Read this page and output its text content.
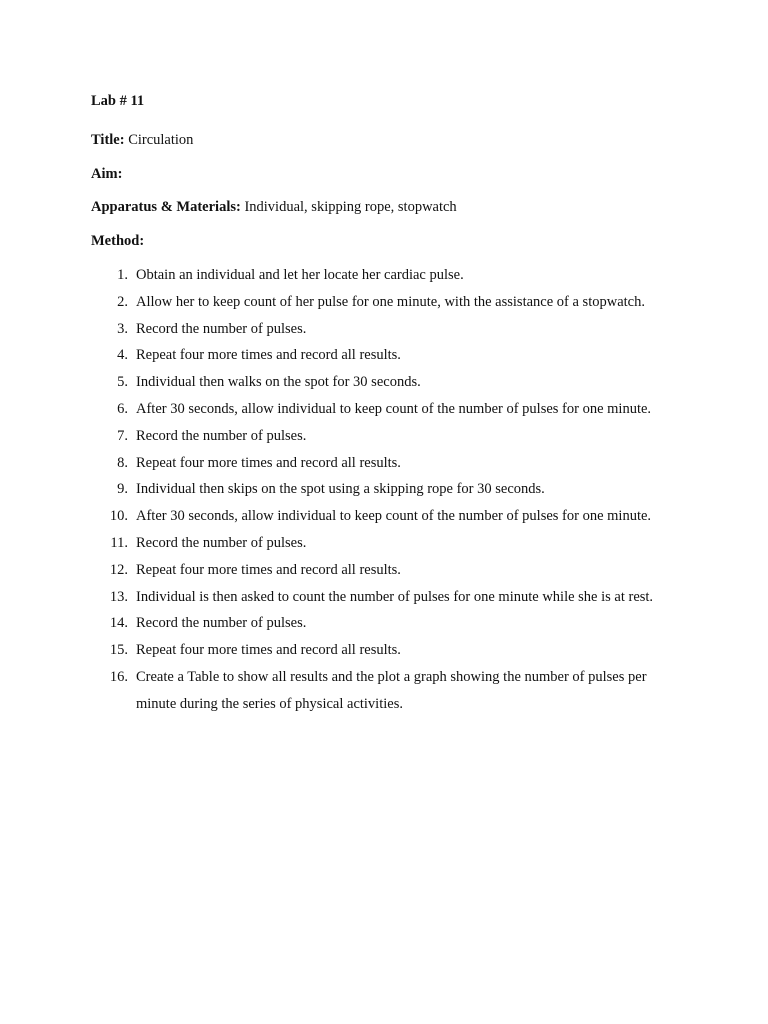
Lab # 11
Title: Circulation
Aim:
Apparatus & Materials: Individual, skipping rope, stopwatch
Method:
1. Obtain an individual and let her locate her cardiac pulse.
2. Allow her to keep count of her pulse for one minute, with the assistance of a stopwatch.
3. Record the number of pulses.
4. Repeat four more times and record all results.
5. Individual then walks on the spot for 30 seconds.
6. After 30 seconds, allow individual to keep count of the number of pulses for one minute.
7. Record the number of pulses.
8. Repeat four more times and record all results.
9. Individual then skips on the spot using a skipping rope for 30 seconds.
10. After 30 seconds, allow individual to keep count of the number of pulses for one minute.
11. Record the number of pulses.
12. Repeat four more times and record all results.
13. Individual is then asked to count the number of pulses for one minute while she is at rest.
14. Record the number of pulses.
15. Repeat four more times and record all results.
16. Create a Table to show all results and the plot a graph showing the number of pulses per minute during the series of physical activities.
